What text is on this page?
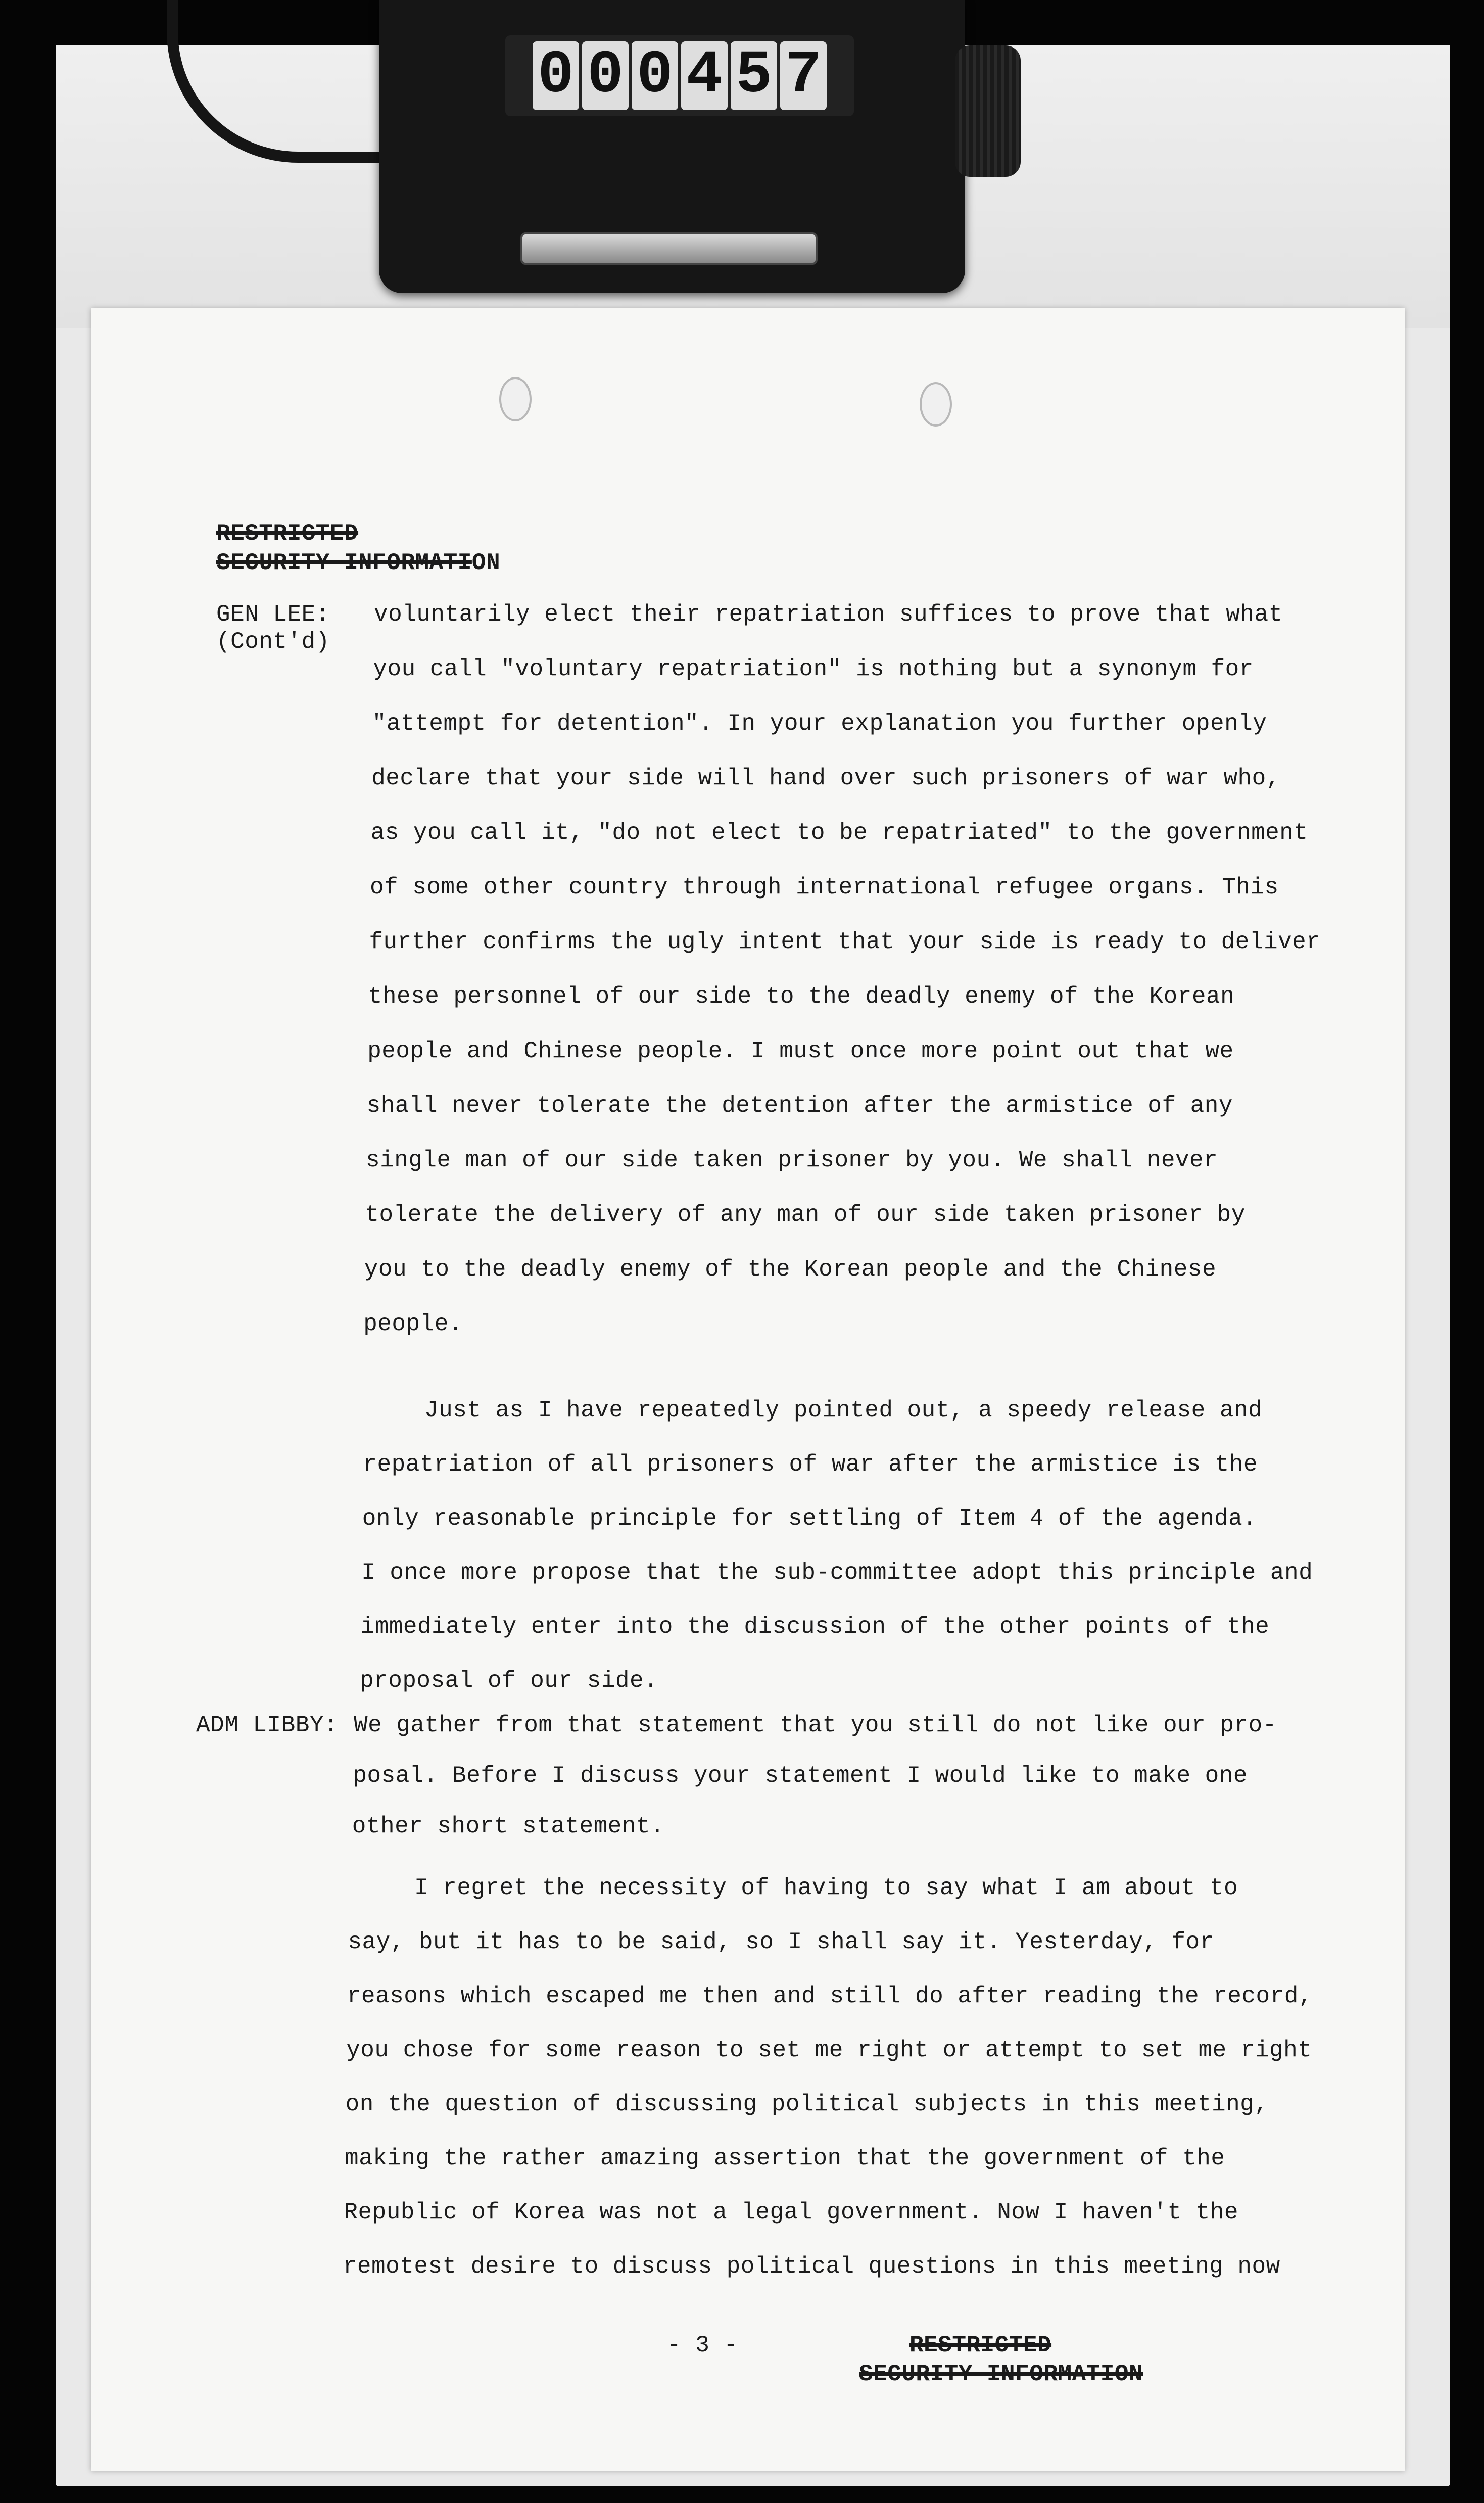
0 0 0 4 5 7
RESTRICTED
SECURITY INFORMATION
GEN LEE:
(Cont'd)
ADM LIBBY:
voluntarily elect their repatriation suffices to prove that what
you call "voluntary repatriation" is nothing but a synonym for
"attempt for detention". In your explanation you further openly
declare that your side will hand over such prisoners of war who,
as you call it, "do not elect to be repatriated" to the government
of some other country through international refugee organs. This
further confirms the ugly intent that your side is ready to deliver
these personnel of our side to the deadly enemy of the Korean
people and Chinese people. I must once more point out that we
shall never tolerate the detention after the armistice of any
single man of our side taken prisoner by you. We shall never
tolerate the delivery of any man of our side taken prisoner by
you to the deadly enemy of the Korean people and the Chinese
people.
Just as I have repeatedly pointed out, a speedy release and
repatriation of all prisoners of war after the armistice is the
only reasonable principle for settling of Item 4 of the agenda.
I once more propose that the sub-committee adopt this principle and
immediately enter into the discussion of the other points of the
proposal of our side.
We gather from that statement that you still do not like our pro-
posal. Before I discuss your statement I would like to make one
other short statement.
I regret the necessity of having to say what I am about to
say, but it has to be said, so I shall say it. Yesterday, for
reasons which escaped me then and still do after reading the record,
you chose for some reason to set me right or attempt to set me right
on the question of discussing political subjects in this meeting,
making the rather amazing assertion that the government of the
Republic of Korea was not a legal government. Now I haven't the
remotest desire to discuss political questions in this meeting now
- 3 -	RESTRICTED
SECURITY INFORMATION
